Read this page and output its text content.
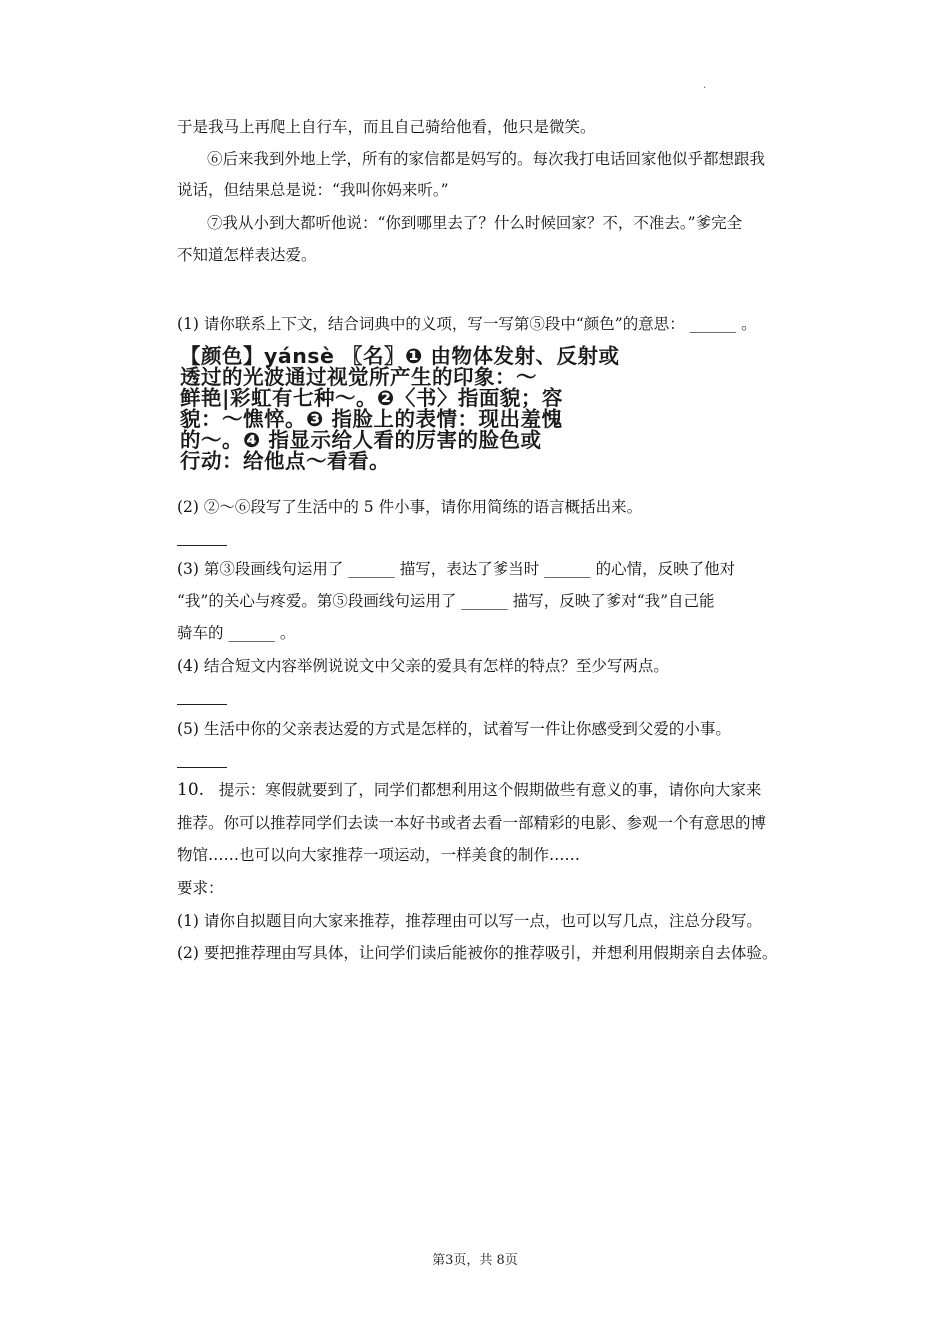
.
于是我马上再爬上自行车，而且自己骑给他看，他只是微笑。
⑥后来我到外地上学，所有的家信都是妈写的。每次我打电话回家他似乎都想跟我
说话，但结果总是说：“我叫你妈来听。”
⑦我从小到大都听他说：“你到哪里去了？什么时候回家？不，不准去。”爹完全
不知道怎样表达爱。
(1) 请你联系上下文，结合词典中的义项，写一写第⑤段中“颜色”的意思： ______ 。
【颜色】yánsè 〖名〗❶ 由物体发射、反射或
透过的光波通过视觉所产生的印象：～
鲜艳|彩虹有七种～。❷〈书〉指面貌；容
貌：～憔悴。❸ 指脸上的表情：现出羞愧
的～。❹ 指显示给人看的厉害的脸色或
行动：给他点～看看。
(2) ②～⑥段写了生活中的 5 件小事，请你用简练的语言概括出来。
(3) 第③段画线句运用了 ______ 描写，表达了爹当时 ______ 的心情，反映了他对
“我”的关心与疼爱。第⑤段画线句运用了 ______ 描写，反映了爹对“我”自己能
骑车的 ______ 。
(4) 结合短文内容举例说说文中父亲的爱具有怎样的特点？至少写两点。
(5) 生活中你的父亲表达爱的方式是怎样的，试着写一件让你感受到父爱的小事。
10. 提示：寒假就要到了，同学们都想利用这个假期做些有意义的事，请你向大家来
推荐。你可以推荐同学们去读一本好书或者去看一部精彩的电影、参观一个有意思的博
物馆……也可以向大家推荐一项运动，一样美食的制作……
要求：
(1) 请你自拟题目向大家来推荐，推荐理由可以写一点，也可以写几点，注总分段写。
(2) 要把推荐理由写具体，让问学们读后能被你的推荐吸引，并想利用假期亲自去体验。
第3页，共 8页
